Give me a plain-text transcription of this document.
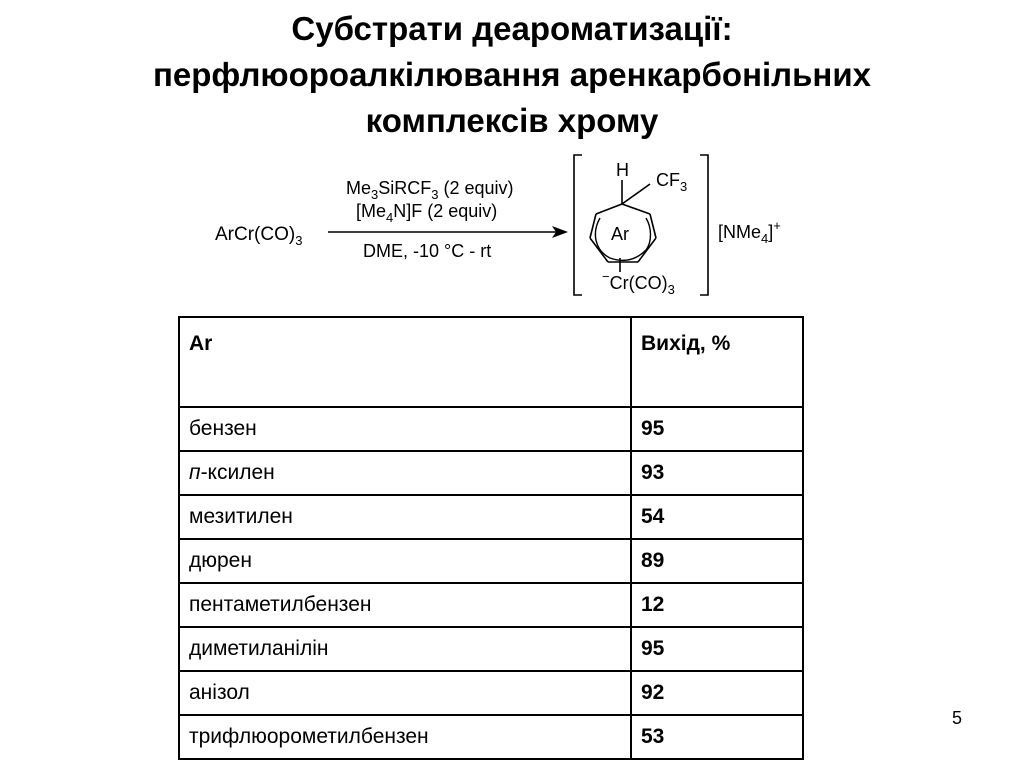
Субстрати деароматизації:
перфлюороалкілювання аренкарбонільних
комплексів хрому
$ArCr(CO)_3$
$Me_3SiRCF_3$ (2 equiv)
$[Me_4N]F$ (2 equiv)
DME, -10 °C - rt
H $CF_3$
Ar
$^-Cr(CO)_3$
[NMe$_4$]+
Ar	Вихід, %
бензен	95
п-ксилен	93
мезитилен	54
дюрен	89
пентаметилбензен	12
диметиланілін	95
анізол	92
трифлюорометилбензен	53
5
